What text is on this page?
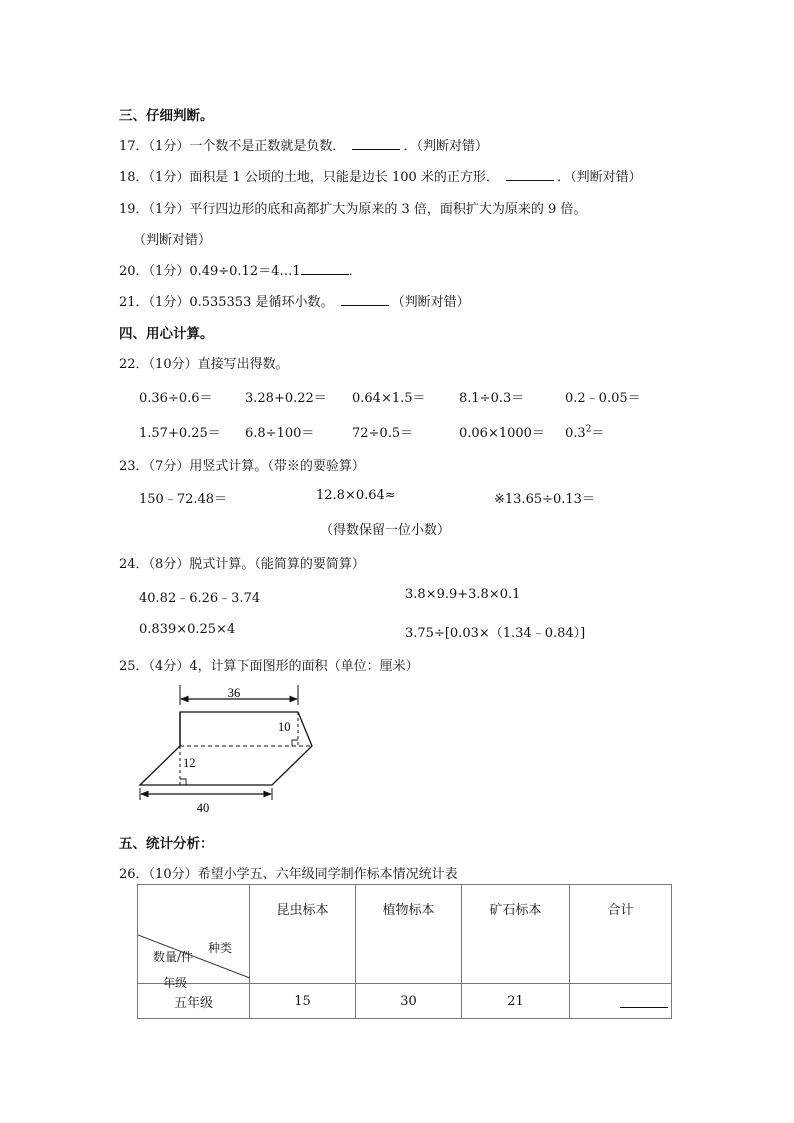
三、仔细判断。
17．（1分）一个数不是正数就是负数．	．（判断对错）
18．（1分）面积是 1 公顷的土地，只能是边长 100 米的正方形．	．（判断对错）
19．（1分）平行四边形的底和高都扩大为原来的 3 倍，面积扩大为原来的 9 倍。
（判断对错）
20．（1分）0.49÷0.12＝4…1	．
21．（1分）0.535353 是循环小数。	（判断对错）
四、用心计算。
22．（10分）直接写出得数。
0.36÷0.6＝ 3.28+0.22＝ 0.64×1.5＝	8.1÷0.3＝	0.2﹣0.05＝
1.57+0.25＝ 6.8÷100＝	72÷0.5＝	$0.06\times 1000= 0.3^2=$
23．（7分）用竖式计算。（带※的要验算）
150﹣72.48＝	12.8×0.64≈	※13.65÷0.13＝
（得数保留一位小数）
24．（8分）脱式计算。（能简算的要简算）
40.82﹣6.26﹣3.74	3.8×9.9+3.8×0.1
0.839×0.25×4	3.75÷[0.03×（1.34﹣0.84）]
25．（4分）4，计算下面图形的面积（单位：厘米）
36
10
12
40
五、统计分析：
26．（10分）希望小学五、六年级同学制作标本情况统计表
种类
数量/件
年级	昆虫标本	植物标本	矿石标本	合计

五年级	15	30	21	
